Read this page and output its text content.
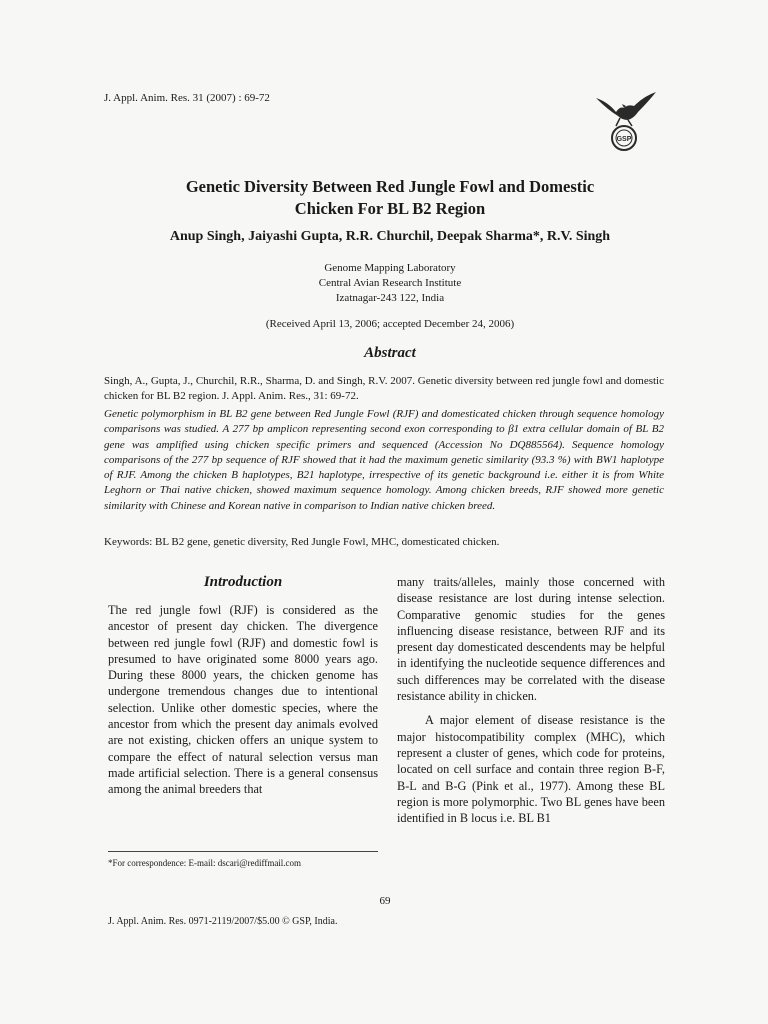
J. Appl. Anim. Res. 31 (2007) : 69-72
GSP
Genetic Diversity Between Red Jungle Fowl and Domestic
Chicken For BL B2 Region
Anup Singh, Jaiyashi Gupta, R.R. Churchil, Deepak Sharma*, R.V. Singh
Genome Mapping Laboratory
Central Avian Research Institute
Izatnagar-243 122, India
(Received April 13, 2006; accepted December 24, 2006)
Abstract
Singh, A., Gupta, J., Churchil, R.R., Sharma, D. and Singh, R.V. 2007. Genetic diversity between red jungle fowl and domestic chicken for BL B2 region. J. Appl. Anim. Res., 31: 69-72.
Genetic polymorphism in BL B2 gene between Red Jungle Fowl (RJF) and domesticated chicken through sequence homology comparisons was studied. A 277 bp amplicon representing second exon corresponding to β1 extra cellular domain of BL B2 gene was amplified using chicken specific primers and sequenced (Accession No DQ885564). Sequence homology comparisons of the 277 bp sequence of RJF showed that it had the maximum genetic similarity (93.3 %) with BW1 haplotype of RJF. Among the chicken B haplotypes, B21 haplotype, irrespective of its genetic background i.e. either it is from White Leghorn or Thai native chicken, showed maximum sequence homology. Among chicken breeds, RJF showed more genetic similarity with Chinese and Korean native in comparison to Indian native chicken breed.
Keywords: BL B2 gene, genetic diversity, Red Jungle Fowl, MHC, domesticated chicken.
Introduction

The red jungle fowl (RJF) is considered as the ancestor of present day chicken. The divergence between red jungle fowl (RJF) and domestic fowl is presumed to have originated some 8000 years ago. During these 8000 years, the chicken genome has undergone tremendous changes due to intentional selection. Unlike other domestic species, where the ancestor from which the present day animals evolved are not existing, chicken offers an unique system to compare the effect of natural selection versus man made artificial selection. There is a general consensus among the animal breeders that

many traits/alleles, mainly those concerned with disease resistance are lost during intense selection. Comparative genomic studies for the genes influencing disease resistance, between RJF and its present day domesticated descendents may be helpful in identifying the nucleotide sequence differences and such differences may be correlated with the disease resistance ability in chicken.

A major element of disease resistance is the major histocompatibility complex (MHC), which represent a cluster of genes, which code for proteins, located on cell surface and contain three region B-F, B-L and B-G (Pink et al., 1977). Among these BL region is more polymorphic. Two BL genes have been identified in B locus i.e. BL B1

*For correspondence: E-mail: dscari@rediffmail.com
69
J. Appl. Anim. Res. 0971-2119/2007/$5.00 © GSP, India.
